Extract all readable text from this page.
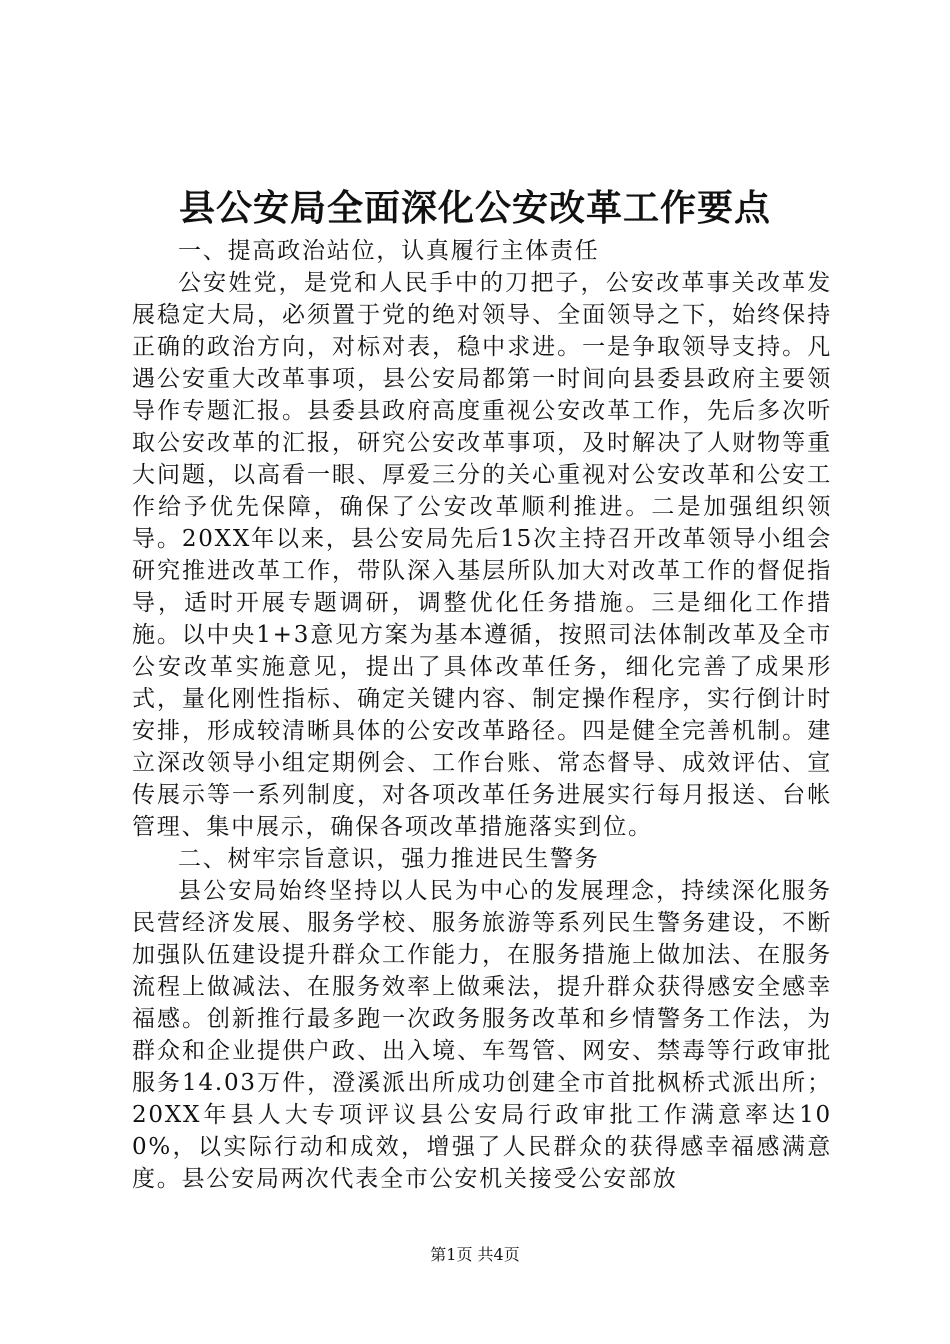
县公安局全面深化公安改革工作要点

一、提高政治站位，认真履行主体责任

公安姓党，是党和人民手中的刀把子，公安改革事关改革发展稳定大局，必须置于党的绝对领导、全面领导之下，始终保持正确的政治方向，对标对表，稳中求进。一是争取领导支持。凡遇公安重大改革事项，县公安局都第一时间向县委县政府主要领导作专题汇报。县委县政府高度重视公安改革工作，先后多次听取公安改革的汇报，研究公安改革事项，及时解决了人财物等重大问题，以高看一眼、厚爱三分的关心重视对公安改革和公安工作给予优先保障，确保了公安改革顺利推进。二是加强组织领导。20XX年以来，县公安局先后15次主持召开改革领导小组会研究推进改革工作，带队深入基层所队加大对改革工作的督促指导，适时开展专题调研，调整优化任务措施。三是细化工作措施。以中央1+3意见方案为基本遵循，按照司法体制改革及全市公安改革实施意见，提出了具体改革任务，细化完善了成果形式，量化刚性指标、确定关键内容、制定操作程序，实行倒计时安排，形成较清晰具体的公安改革路径。四是健全完善机制。建立深改领导小组定期例会、工作台账、常态督导、成效评估、宣传展示等一系列制度，对各项改革任务进展实行每月报送、台帐管理、集中展示，确保各项改革措施落实到位。

二、树牢宗旨意识，强力推进民生警务

县公安局始终坚持以人民为中心的发展理念，持续深化服务民营经济发展、服务学校、服务旅游等系列民生警务建设，不断加强队伍建设提升群众工作能力，在服务措施上做加法、在服务流程上做减法、在服务效率上做乘法，提升群众获得感安全感幸福感。创新推行最多跑一次政务服务改革和乡情警务工作法，为群众和企业提供户政、出入境、车驾管、网安、禁毒等行政审批服务14.03万件，澄溪派出所成功创建全市首批枫桥式派出所；20XX年县人大专项评议县公安局行政审批工作满意率达100%，以实际行动和成效，增强了人民群众的获得感幸福感满意度。县公安局两次代表全市公安机关接受公安部放

第1页 共4页
